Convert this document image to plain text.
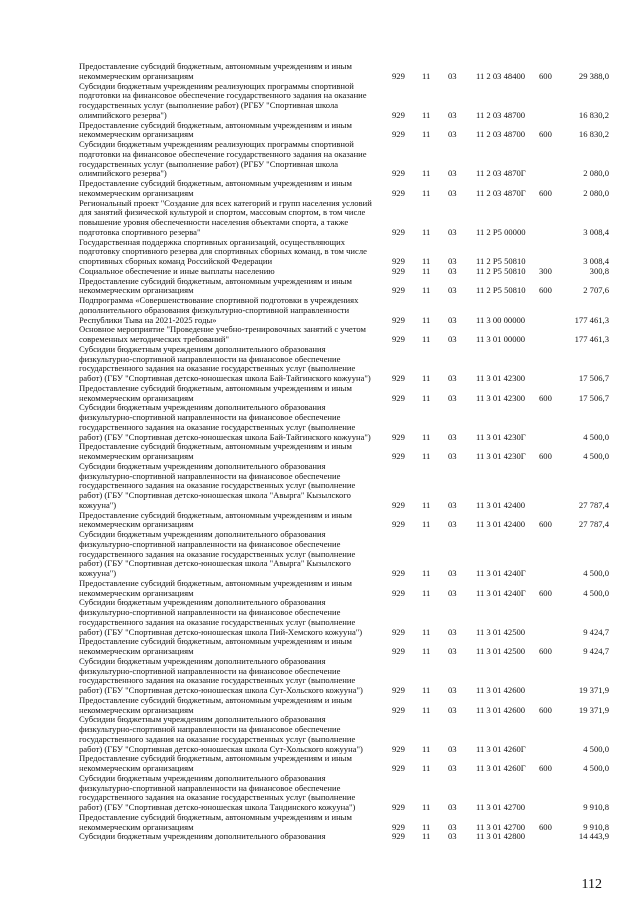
Предоставление субсидий бюджетным, автономным учреждениям и иным
некоммерческим организациям	929 11 03 11 2 03 48400 600	29 388,0
Субсидии бюджетным учреждениям реализующих программы спортивной
подготовки на финансовое обеспечение государственного задания на оказание
государственных услуг (выполнение работ) (РГБУ "Спортивная школа
олимпийского резерва")	929 11 03 11 2 03 48700	16 830,2
Предоставление субсидий бюджетным, автономным учреждениям и иным
некоммерческим организациям	929 11 03 11 2 03 48700 600	16 830,2
Субсидии бюджетным учреждениям реализующих программы спортивной
подготовки на финансовое обеспечение государственного задания на оказание
государственных услуг (выполнение работ) (РГБУ "Спортивная школа
олимпийского резерва")	929 11 03 11 2 03 4870Г	2 080,0
Предоставление субсидий бюджетным, автономным учреждениям и иным
некоммерческим организациям	929 11 03 11 2 03 4870Г 600	2 080,0
Региональный проект "Создание для всех категорий и групп населения условий
для занятий физической культурой и спортом, массовым спортом, в том числе
повышение уровня обеспеченности населения объектами спорта, а также
подготовка спортивного резерва"	929 11 03 11 2 P5 00000	3 008,4
Государственная поддержка спортивных организаций, осуществляющих
подготовку спортивного резерва для спортивных сборных команд, в том числе
спортивных сборных команд Российской Федерации	929 11 03 11 2 P5 50810	3 008,4
Социальное обеспечение и иные выплаты населению	929 11 03 11 2 P5 50810 300	300,8
Предоставление субсидий бюджетным, автономным учреждениям и иным
некоммерческим организациям	929 11 03 11 2 P5 50810 600	2 707,6
Подпрограмма «Совершенствование спортивной подготовки в учреждениях
дополнительного образования физкультурно-спортивной направленности
Республики Тыва на 2021-2025 годы»	929 11 03 11 3 00 00000	177 461,3
Основное мероприятие "Проведение учебно-тренировочных занятий с учетом
современных методических требований"	929 11 03 11 3 01 00000	177 461,3
Субсидии бюджетным учреждениям дополнительного образования
физкультурно-спортивной направленности на финансовое обеспечение
государственного задания на оказание государственных услуг (выполнение
работ) (ГБУ "Спортивная детско-юношеская школа Бай-Тайгинского кожууна")	929 11 03 11 3 01 42300	17 506,7
Предоставление субсидий бюджетным, автономным учреждениям и иным
некоммерческим организациям	929 11 03 11 3 01 42300 600	17 506,7
Субсидии бюджетным учреждениям дополнительного образования
физкультурно-спортивной направленности на финансовое обеспечение
государственного задания на оказание государственных услуг (выполнение
работ) (ГБУ "Спортивная детско-юношеская школа Бай-Тайгинского кожууна")	929 11 03 11 3 01 4230Г	4 500,0
Предоставление субсидий бюджетным, автономным учреждениям и иным
некоммерческим организациям	929 11 03 11 3 01 4230Г 600	4 500,0
Субсидии бюджетным учреждениям дополнительного образования
физкультурно-спортивной направленности на финансовое обеспечение
государственного задания на оказание государственных услуг (выполнение
работ) (ГБУ "Спортивная детско-юношеская школа "Авырга" Кызылского
кожууна")	929 11 03 11 3 01 42400	27 787,4
Предоставление субсидий бюджетным, автономным учреждениям и иным
некоммерческим организациям	929 11 03 11 3 01 42400 600	27 787,4
Субсидии бюджетным учреждениям дополнительного образования
физкультурно-спортивной направленности на финансовое обеспечение
государственного задания на оказание государственных услуг (выполнение
работ) (ГБУ "Спортивная детско-юношеская школа "Авырга" Кызылского
кожууна")	929 11 03 11 3 01 4240Г	4 500,0
Предоставление субсидий бюджетным, автономным учреждениям и иным
некоммерческим организациям	929 11 03 11 3 01 4240Г 600	4 500,0
Субсидии бюджетным учреждениям дополнительного образования
физкультурно-спортивной направленности на финансовое обеспечение
государственного задания на оказание государственных услуг (выполнение
работ) (ГБУ "Спортивная детско-юношеская школа Пий-Хемского кожууна")	929 11 03 11 3 01 42500	9 424,7
Предоставление субсидий бюджетным, автономным учреждениям и иным
некоммерческим организациям	929 11 03 11 3 01 42500 600	9 424,7
Субсидии бюджетным учреждениям дополнительного образования
физкультурно-спортивной направленности на финансовое обеспечение
государственного задания на оказание государственных услуг (выполнение
работ) (ГБУ "Спортивная детско-юношеская школа Сут-Хольского кожууна")	929 11 03 11 3 01 42600	19 371,9
Предоставление субсидий бюджетным, автономным учреждениям и иным
некоммерческим организациям	929 11 03 11 3 01 42600 600	19 371,9
Субсидии бюджетным учреждениям дополнительного образования
физкультурно-спортивной направленности на финансовое обеспечение
государственного задания на оказание государственных услуг (выполнение
работ) (ГБУ "Спортивная детско-юношеская школа Сут-Хольского кожууна")	929 11 03 11 3 01 4260Г	4 500,0
Предоставление субсидий бюджетным, автономным учреждениям и иным
некоммерческим организациям	929 11 03 11 3 01 4260Г 600	4 500,0
Субсидии бюджетным учреждениям дополнительного образования
физкультурно-спортивной направленности на финансовое обеспечение
государственного задания на оказание государственных услуг (выполнение
работ) (ГБУ "Спортивная детско-юношеская школа Тандинского кожууна")	929 11 03 11 3 01 42700	9 910,8
Предоставление субсидий бюджетным, автономным учреждениям и иным
некоммерческим организациям	929 11 03 11 3 01 42700 600	9 910,8
Субсидии бюджетным учреждениям дополнительного образования	929 11 03 11 3 01 42800	14 443,9
112
